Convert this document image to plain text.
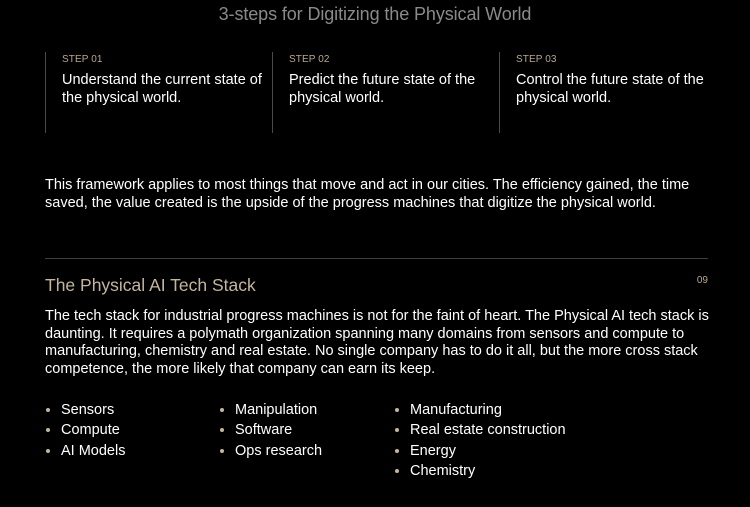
3-steps for Digitizing the Physical World
STEP 01
Understand the current state of the physical world.
STEP 02
Predict the future state of the physical world.
STEP 03
Control the future state of the physical world.
This framework applies to most things that move and act in our cities. The efficiency gained, the time saved, the value created is the upside of the progress machines that digitize the physical world.
The Physical AI Tech Stack	09
The tech stack for industrial progress machines is not for the faint of heart. The Physical AI tech stack is daunting. It requires a polymath organization spanning many domains from sensors and compute to manufacturing, chemistry and real estate. No single company has to do it all, but the more cross stack competence, the more likely that company can earn its keep.
Sensors
Compute
AI Models
Manipulation
Software
Ops research
Manufacturing
Real estate construction
Energy
Chemistry
